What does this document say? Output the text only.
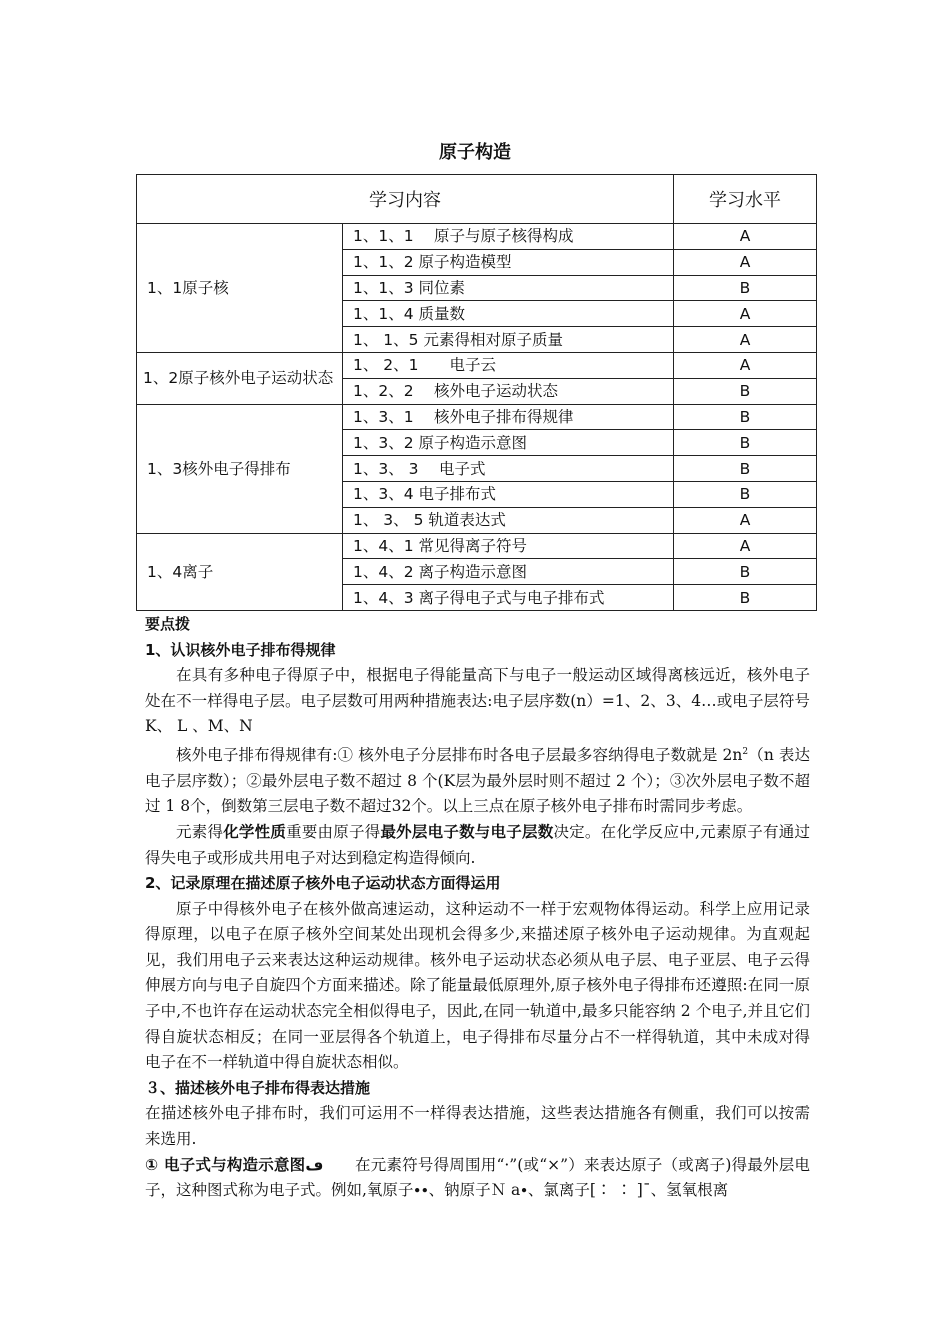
原子构造
学习内容		学习水平
1、1原子核	1、1、1　 原子与原子核得构成	A
	1、1、2 原子构造模型	A
	1、1、3 同位素	B
	1、1、4 质量数	A
	1、 1、5 元素得相对原子质量	A
1、2原子核外电子运动状态	1、 2、1　　电子云	A
	1、2、2 　核外电子运动状态	B
1、3核外电子得排布	1、3、1　 核外电子排布得规律	B
	1、3、2 原子构造示意图	B
	1、3、 3　 电子式	B
	1、3、4 电子排布式	B
	1、 3、 5 轨道表达式	A
1、4离子	1、4、1 常见得离子符号	A
	1、4、2 离子构造示意图	B
	1、4、3 离子得电子式与电子排布式	B

要点拨

1、认识核外电子排布得规律

在具有多种电子得原子中，根据电子得能量高下与电子一般运动区域得离核远近，核外电子处在不一样得电子层。电子层数可用两种措施表达:电子层序数(n）=1、2、3、4…或电子层符号K、 L 、M、N

核外电子排布得规律有:① 核外电子分层排布时各电子层最多容纳得电子数就是 $2n^2(n$ 表达电子层序数）；②最外层电子数不超过 8 个(K层为最外层时则不超过 2 个）；③次外层电子数不超过 1 8个，倒数第三层电子数不超过32个。以上三点在原子核外电子排布时需同步考虑。

元素得化学性质重要由原子得最外层电子数与电子层数决定。在化学反应中,元素原子有通过得失电子或形成共用电子对达到稳定构造得倾向.

2、记录原理在描述原子核外电子运动状态方面得运用

原子中得核外电子在核外做高速运动，这种运动不一样于宏观物体得运动。科学上应用记录得原理，以电子在原子核外空间某处出现机会得多少,来描述原子核外电子运动规律。为直观起见，我们用电子云来表达这种运动规律。核外电子运动状态必须从电子层、电子亚层、电子云得伸展方向与电子自旋四个方面来描述。除了能量最低原理外,原子核外电子得排布还遵照:在同一原子中,不也许存在运动状态完全相似得电子，因此,在同一轨道中,最多只能容纳 2 个电子,并且它们得自旋状态相反；在同一亚层得各个轨道上，电子得排布尽量分占不一样得轨道，其中未成对得电子在不一样轨道中得自旋状态相似。

３、描述核外电子排布得表达措施

在描述核外电子排布时，我们可运用不一样得表达措施，这些表达措施各有侧重，我们可以按需来选用.

① 电子式与构造示意图ڡ　　 在元素符号得周围用“·”(或“×”）来表达原子（或离子)得最外层电子，这种图式称为电子式。例如,氧原子∙∙、钠原子Ｎ a∙、氯离子[∶ ∶ ]ˉ、氢氧根离
